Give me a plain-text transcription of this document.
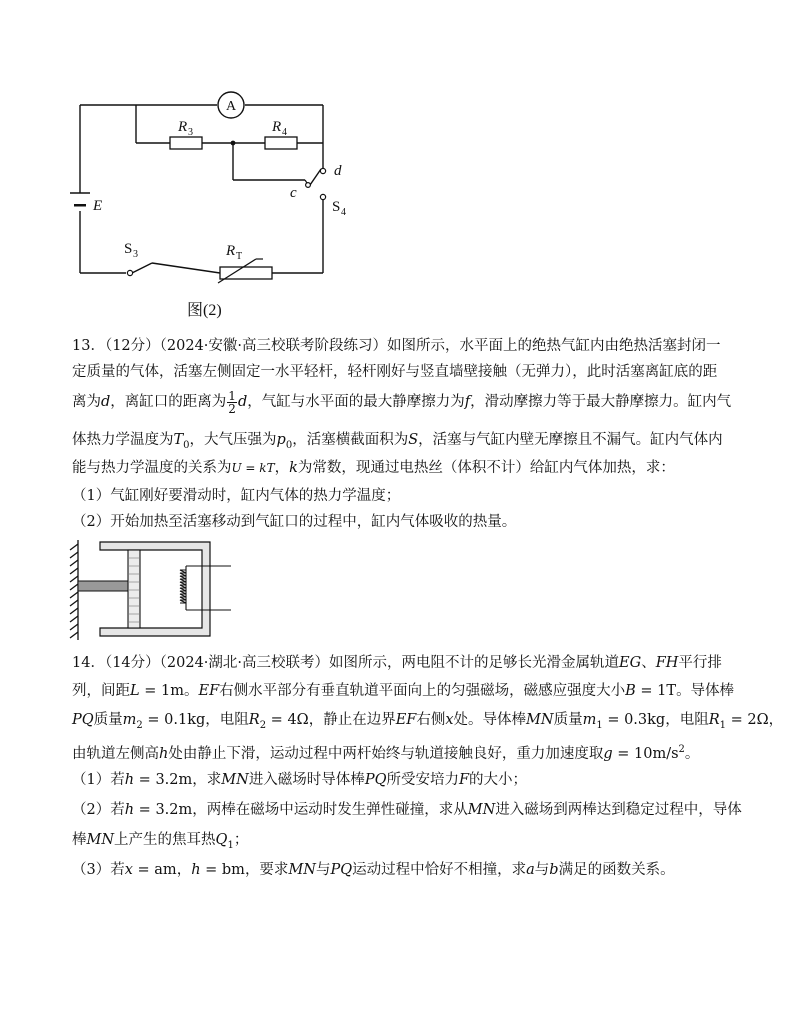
A
R 3	R 4
d
c
E	S 4
S 3	R T
图(2)
13．（12分）（2024·安徽·高三校联考阶段练习）如图所示，水平面上的绝热气缸内由绝热活塞封闭一
定质量的气体，活塞左侧固定一水平轻杆，轻杆刚好与竖直墙壁接触（无弹力），此时活塞离缸底的距
离为d，离缸口的距离为 $\frac{1}{2}$ d，气缸与水平面的最大静摩擦力为f，滑动摩擦力等于最大静摩擦力。缸内气
体热力学温度为$T_0$，大气压强为$p_0$，活塞横截面积为S，活塞与气缸内壁无摩擦且不漏气。缸内气体内
能与热力学温度的关系为U = kT，k为常数，现通过电热丝（体积不计）给缸内气体加热，求：
（1）气缸刚好要滑动时，缸内气体的热力学温度；
（2）开始加热至活塞移动到气缸口的过程中，缸内气体吸收的热量。
14．（14分）（2024·湖北·高三校联考）如图所示，两电阻不计的足够长光滑金属轨道EG、FH平行排
列，间距L = 1m。EF右侧水平部分有垂直轨道平面向上的匀强磁场，磁感应强度大小B = 1T。导体棒
PQ质量$m_2 = 0.1kg$，电阻$R_2 = 4\Omega$，静止在边界EF右侧x处。导体棒MN质量$m_1 = 0.3kg$，电阻$R_1 = 2\Omega$，
由轨道左侧高h处由静止下滑，运动过程中两杆始终与轨道接触良好，重力加速度取$g = 10m/s^2$。
（1）若h = 3.2m，求MN进入磁场时导体棒PQ所受安培力F的大小；
（2）若h = 3.2m，两棒在磁场中运动时发生弹性碰撞，求从MN进入磁场到两棒达到稳定过程中，导体
棒MN上产生的焦耳热$Q_1$；
（3）若x = am，h = bm，要求MN与PQ运动过程中恰好不相撞，求a与b满足的函数关系。
